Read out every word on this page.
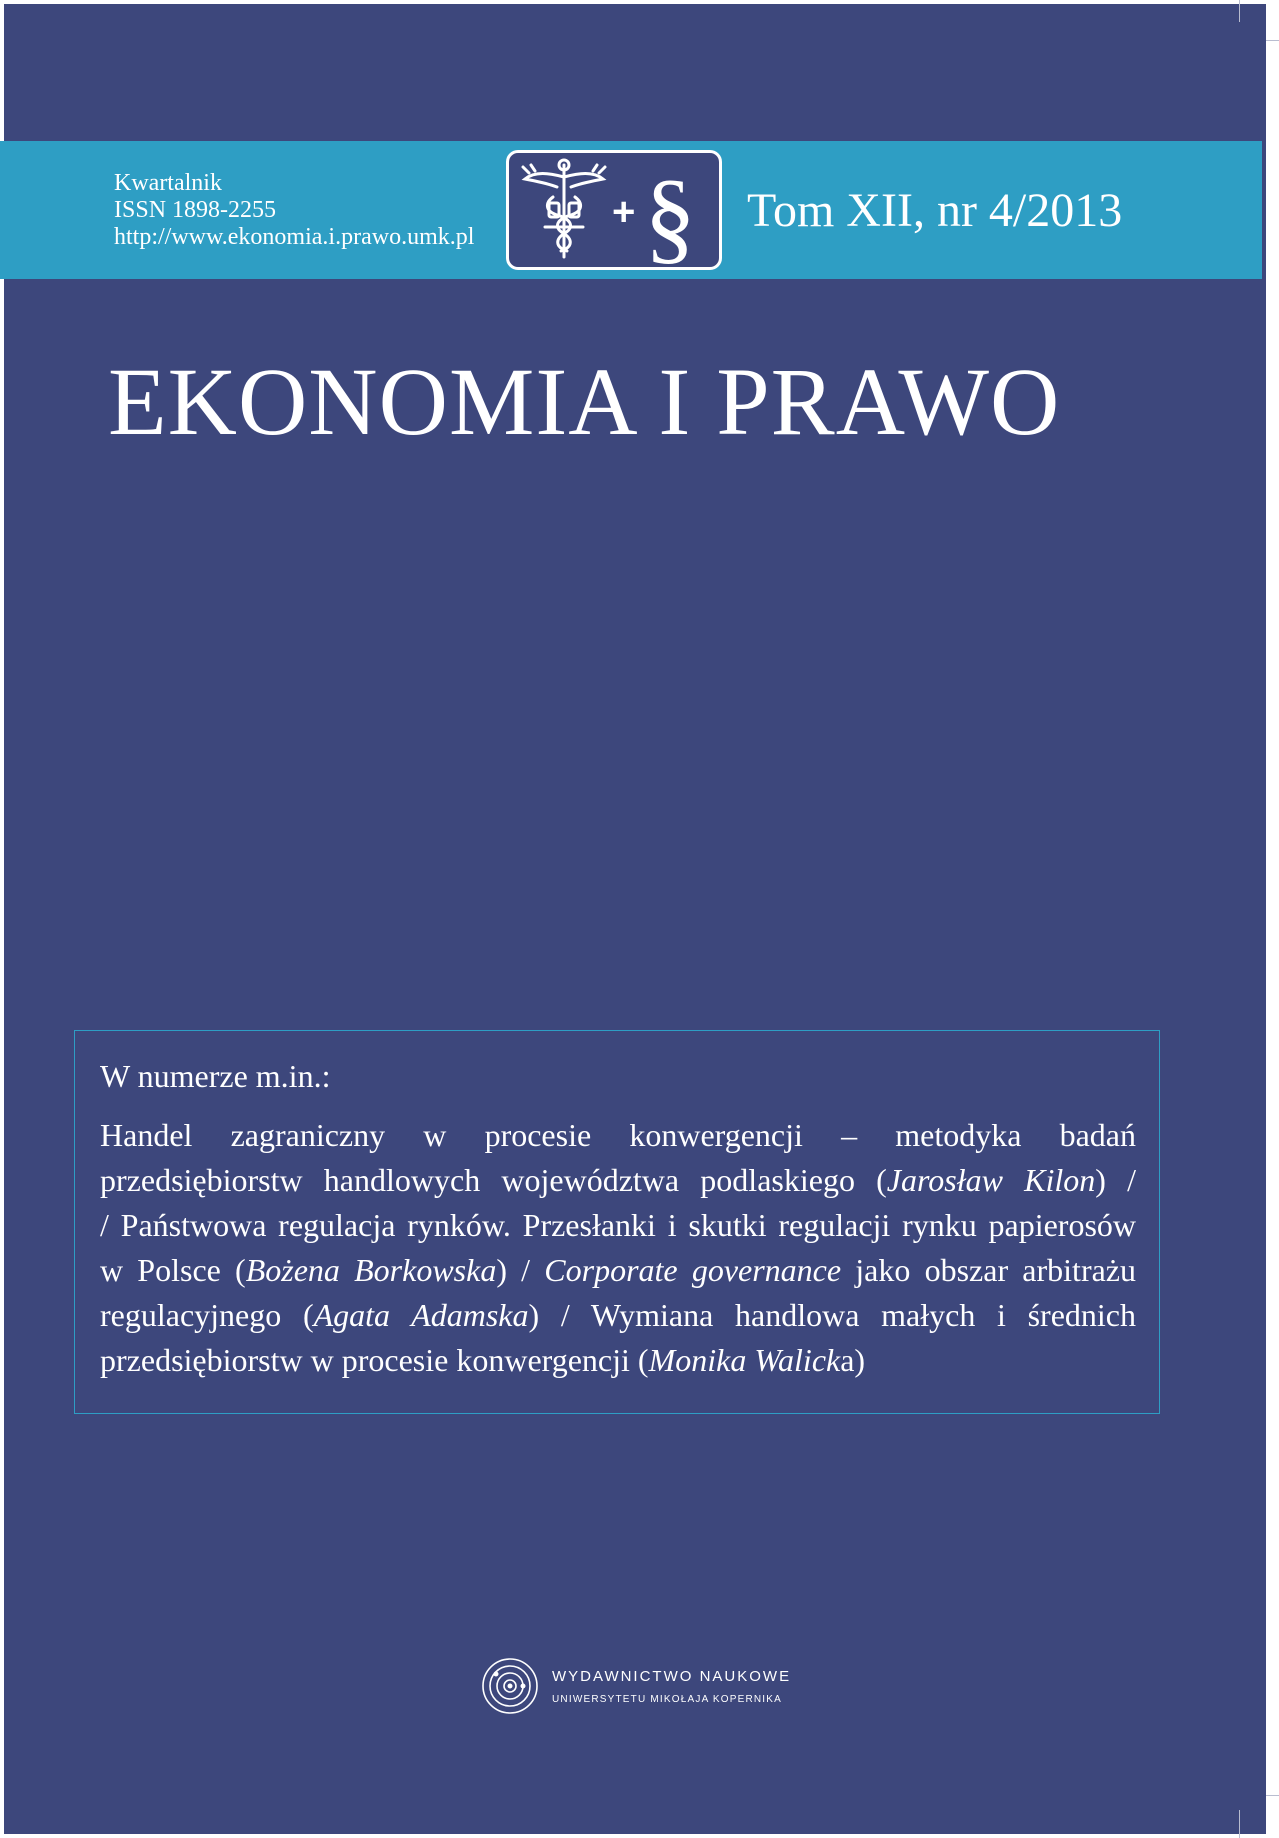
Kwartalnik
ISSN 1898-2255
http://www.ekonomia.i.prawo.umk.pl
+ § Tom XII, nr 4/2013
EKONOMIA I PRAWO
W numerze m.in.:
Handel zagraniczny w procesie konwergencji – metodyka badań
przedsiębiorstw handlowych województwa podlaskiego (Jarosław Kilon) /
/ Państwowa regulacja rynków. Przesłanki i skutki regulacji rynku papierosów
w Polsce (Bożena Borkowska) / Corporate governance jako obszar arbitrażu
regulacyjnego (Agata Adamska) / Wymiana handlowa małych i średnich
przedsiębiorstw w procesie konwergencji (Monika Walicka)
WYDAWNICTWO NAUKOWE
UNIWERSYTETU MIKOŁAJA KOPERNIKA
